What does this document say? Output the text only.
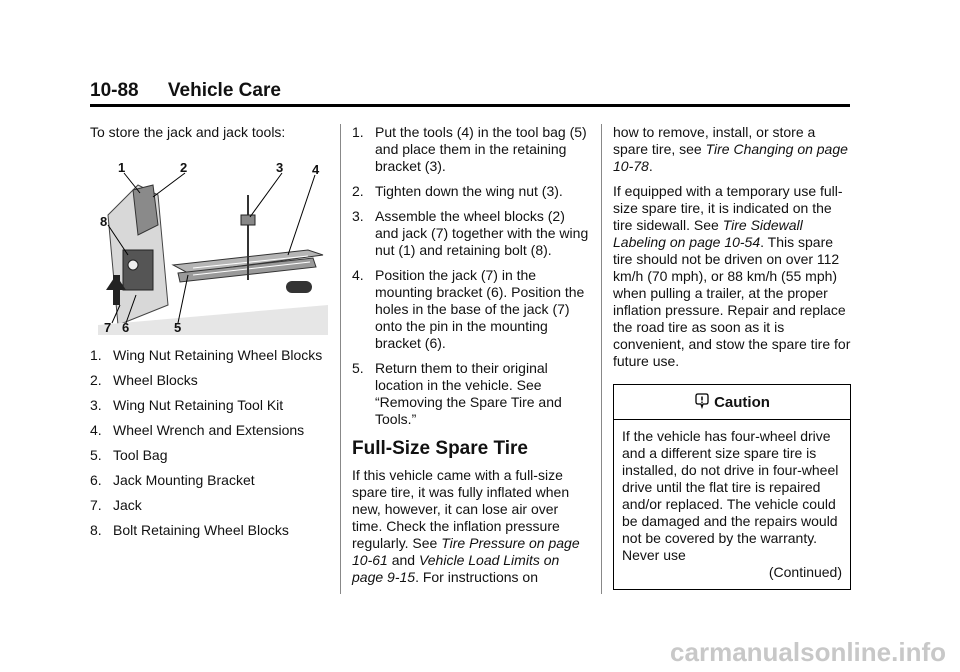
10-88 Vehicle Care

To store the jack and jack tools:

1	2	3 4
5
6
7
8
1. Wing Nut Retaining Wheel Blocks
2. Wheel Blocks
3. Wing Nut Retaining Tool Kit
4. Wheel Wrench and Extensions
5. Tool Bag
6. Jack Mounting Bracket
7. Jack
8. Bolt Retaining Wheel Blocks
1. Put the tools (4) in the tool bag (5) and place them in the retaining bracket (3).
2. Tighten down the wing nut (3).
3. Assemble the wheel blocks (2) and jack (7) together with the wing nut (1) and retaining bolt (8).
4. Position the jack (7) in the mounting bracket (6). Position the holes in the base of the jack (7) onto the pin in the mounting bracket (6).
5. Return them to their original location in the vehicle. See “Removing the Spare Tire and Tools.”
Full-Size Spare Tire

If this vehicle came with a full-size spare tire, it was fully inflated when new, however, it can lose air over time. Check the inflation pressure regularly. See Tire Pressure on page 10-61 and Vehicle Load Limits on page 9-15. For instructions on

how to remove, install, or store a spare tire, see Tire Changing on page 10-78.

If equipped with a temporary use full-size spare tire, it is indicated on the tire sidewall. See Tire Sidewall Labeling on page 10-54. This spare tire should not be driven on over 112 km/h (70 mph), or 88 km/h (55 mph) when pulling a trailer, at the proper inflation pressure. Repair and replace the road tire as soon as it is convenient, and stow the spare tire for future use.

Caution
If the vehicle has four-wheel drive and a different size spare tire is installed, do not drive in four-wheel drive until the flat tire is repaired and/or replaced. The vehicle could be damaged and the repairs would not be covered by the warranty. Never use
(Continued)
carmanualsonline.info
